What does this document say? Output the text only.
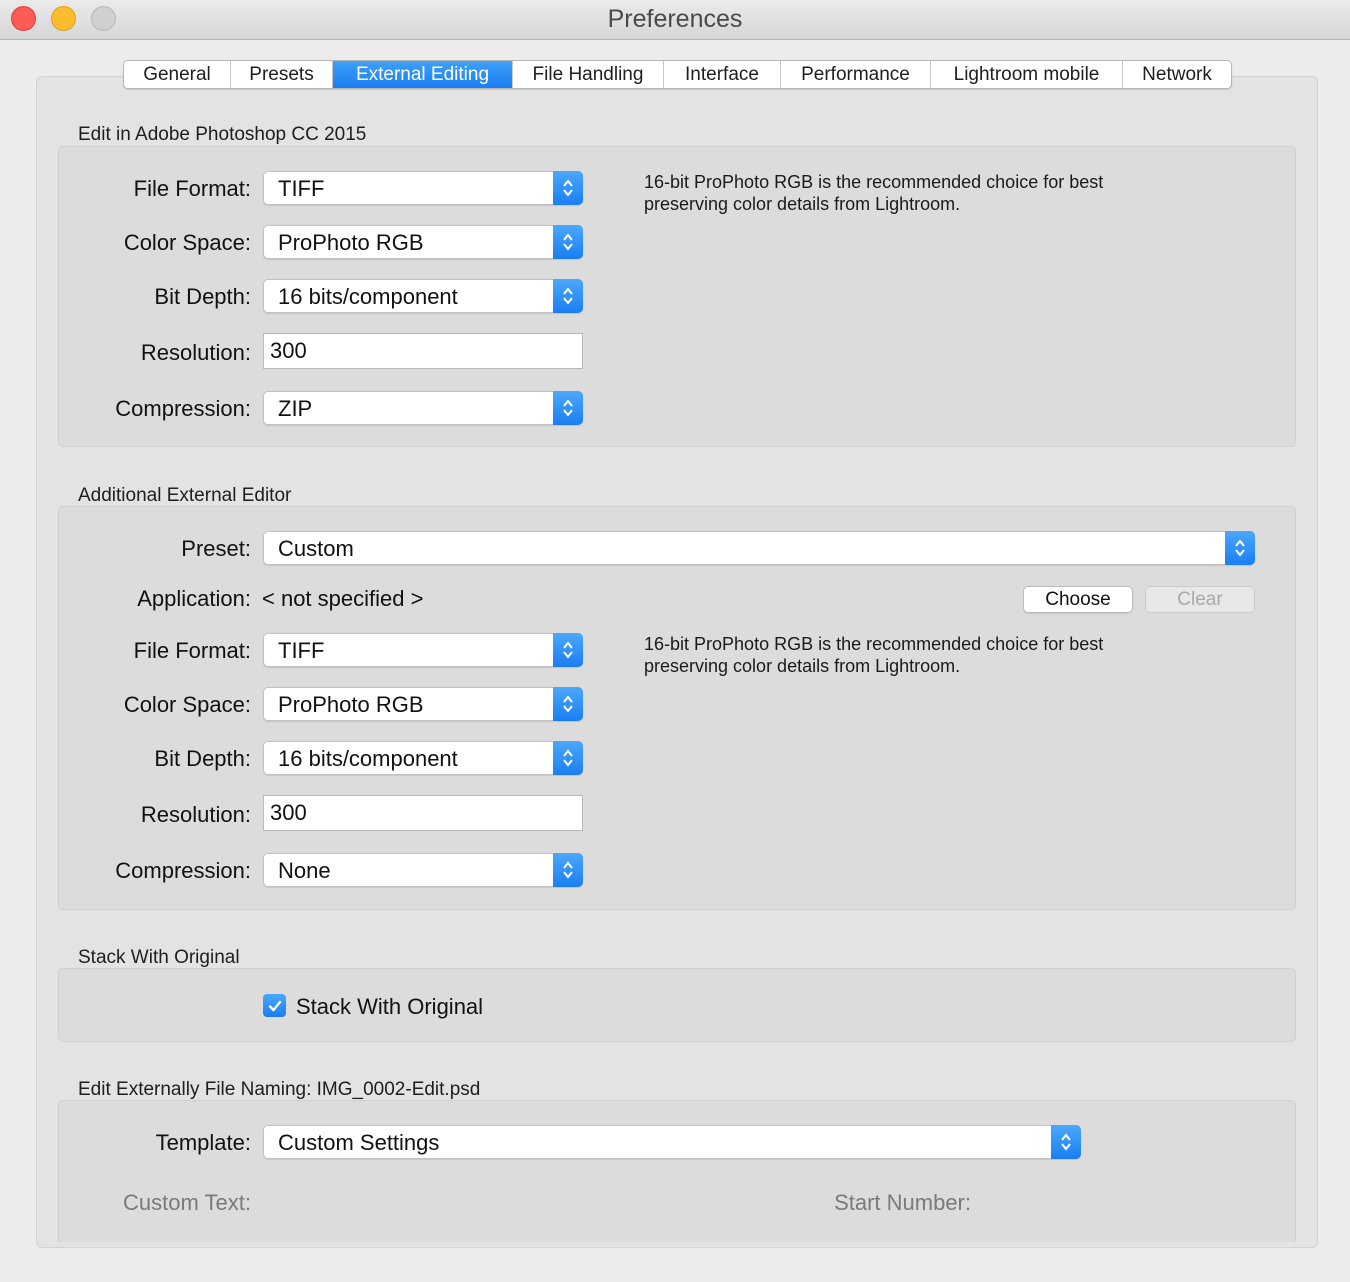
Preferences
General	Presets	External Editing	File Handling	Interface	Performance	Lightroom mobile	Network
Edit in Adobe Photoshop CC 2015
File Format: TIFF
Color Space: ProPhoto RGB
Bit Depth: 16 bits/component
Resolution: 300
Compression: ZIP
16-bit ProPhoto RGB is the recommended choice for best
preserving color details from Lightroom.
Additional External Editor
Preset: Custom
Application: < not specified >	Choose	Clear
File Format: TIFF
Color Space: ProPhoto RGB
Bit Depth: 16 bits/component
Resolution: 300
Compression: None
16-bit ProPhoto RGB is the recommended choice for best
preserving color details from Lightroom.
Stack With Original
Stack With Original
Edit Externally File Naming: IMG_0002-Edit.psd
Template: Custom Settings
Custom Text:	Start Number:
